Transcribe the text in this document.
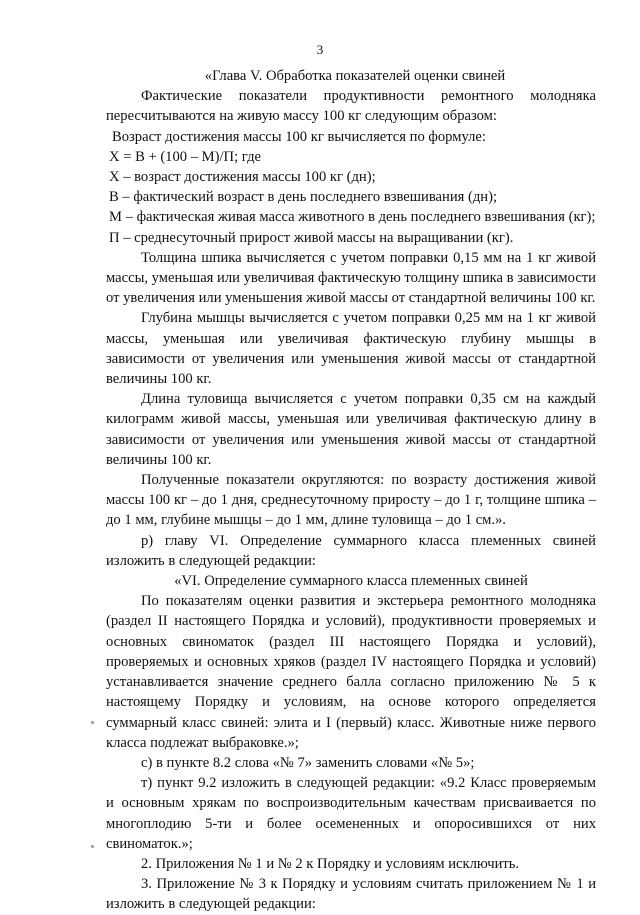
3

«Глава V. Обработка показателей оценки свиней

Фактические показатели продуктивности ремонтного молодняка пересчитываются на живую массу 100 кг следующим образом:

Возраст достижения массы 100 кг вычисляется по формуле:

Х = В + (100 – М)/П; где

Х – возраст достижения массы 100 кг (дн);

В – фактический возраст в день последнего взвешивания (дн);

М – фактическая живая масса животного в день последнего взвешивания (кг);

П – среднесуточный прирост живой массы на выращивании (кг).

Толщина шпика вычисляется с учетом поправки 0,15 мм на 1 кг живой массы, уменьшая или увеличивая фактическую толщину шпика в зависимости от увеличения или уменьшения живой массы от стандартной величины 100 кг.

Глубина мышцы вычисляется с учетом поправки 0,25 мм на 1 кг живой массы, уменьшая или увеличивая фактическую глубину мышцы в зависимости от увеличения или уменьшения живой массы от стандартной величины 100 кг.

Длина туловища вычисляется с учетом поправки 0,35 см на каждый килограмм живой массы, уменьшая или увеличивая фактическую длину в зависимости от увеличения или уменьшения живой массы от стандартной величины 100 кг.

Полученные показатели округляются: по возрасту достижения живой массы 100 кг – до 1 дня, среднесуточному приросту – до 1 г, толщине шпика – до 1 мм, глубине мышцы – до 1 мм, длине туловища – до 1 см.».

р) главу VI. Определение суммарного класса племенных свиней изложить в следующей редакции:

«VI. Определение суммарного класса племенных свиней

По показателям оценки развития и экстерьера ремонтного молодняка (раздел II настоящего Порядка и условий), продуктивности проверяемых и основных свиноматок (раздел III настоящего Порядка и условий), проверяемых и основных хряков (раздел IV настоящего Порядка и условий) устанавливается значение среднего балла согласно приложению № 5 к настоящему Порядку и условиям, на основе которого определяется суммарный класс свиней: элита и I (первый) класс. Животные ниже первого класса подлежат выбраковке.»;

с) в пункте 8.2 слова «№ 7» заменить словами «№ 5»;

т) пункт 9.2 изложить в следующей редакции: «9.2 Класс проверяемым и основным хрякам по воспроизводительным качествам присваивается по многоплодию 5-ти и более осемененных и опоросившихся от них свиноматок.»;

2. Приложения № 1 и № 2 к Порядку и условиям исключить.

3. Приложение № 3 к Порядку и условиям считать приложением № 1 и изложить в следующей редакции:
